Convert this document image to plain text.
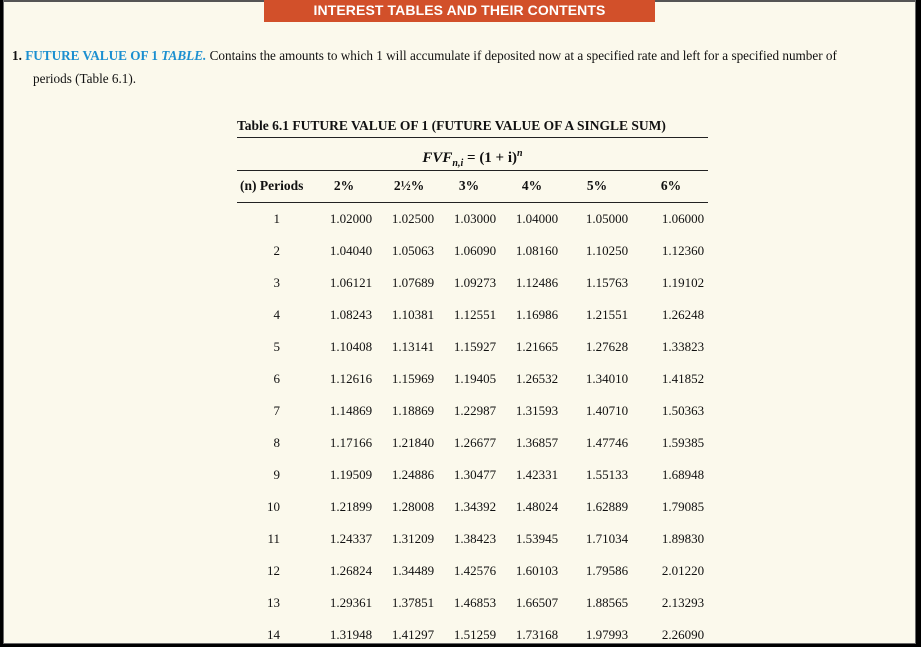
INTEREST TABLES AND THEIR CONTENTS
1. FUTURE VALUE OF 1 TABLE. Contains the amounts to which 1 will accumulate if deposited now at a specified rate and left for a specified number of
periods (Table 6.1).
Table 6.1 FUTURE VALUE OF 1 (FUTURE VALUE OF A SINGLE SUM)
$FVF_{n,i} = (1 + i)^n$
(n) Periods	2%	2½%	3%	4%	5%	6%
1	1.02000	1.02500	1.03000	1.04000	1.05000	1.06000
2	1.04040	1.05063	1.06090	1.08160	1.10250	1.12360
3	1.06121	1.07689	1.09273	1.12486	1.15763	1.19102
4	1.08243	1.10381	1.12551	1.16986	1.21551	1.26248
5	1.10408	1.13141	1.15927	1.21665	1.27628	1.33823
6	1.12616	1.15969	1.19405	1.26532	1.34010	1.41852
7	1.14869	1.18869	1.22987	1.31593	1.40710	1.50363
8	1.17166	1.21840	1.26677	1.36857	1.47746	1.59385
9	1.19509	1.24886	1.30477	1.42331	1.55133	1.68948
10	1.21899	1.28008	1.34392	1.48024	1.62889	1.79085
11	1.24337	1.31209	1.38423	1.53945	1.71034	1.89830
12	1.26824	1.34489	1.42576	1.60103	1.79586	2.01220
13	1.29361	1.37851	1.46853	1.66507	1.88565	2.13293
14	1.31948	1.41297	1.51259	1.73168	1.97993	2.26090
